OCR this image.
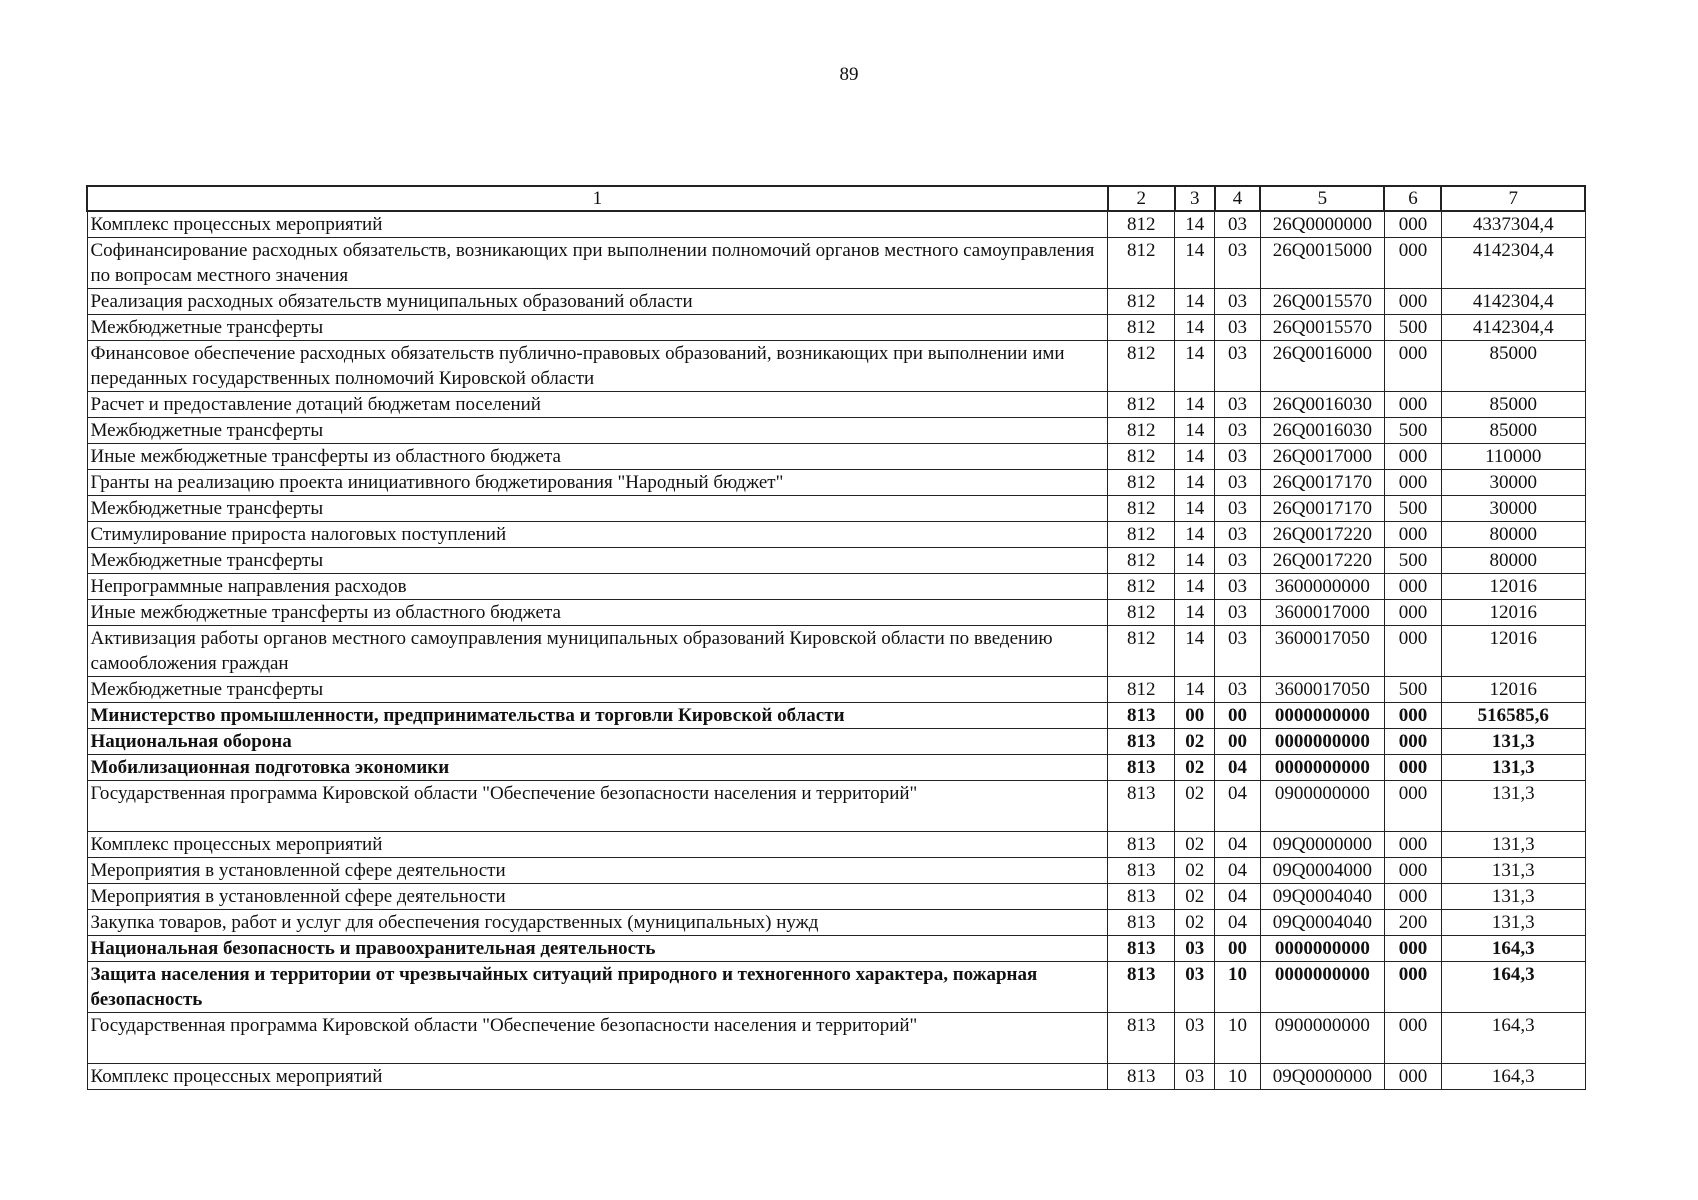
89
1	2	3	4	5	6	7
Комплекс процессных мероприятий	812	14	03	26Q0000000	000	4337304,4
Софинансирование расходных обязательств, возникающих при выполнении полномочий органов местного самоуправления по вопросам местного значения	812	14	03	26Q0015000	000	4142304,4
Реализация расходных обязательств муниципальных образований области	812	14	03	26Q0015570	000	4142304,4
Межбюджетные трансферты	812	14	03	26Q0015570	500	4142304,4
Финансовое обеспечение расходных обязательств публично-правовых образований, возникающих при выполнении ими переданных государственных полномочий Кировской области	812	14	03	26Q0016000	000	85000
Расчет и предоставление дотаций бюджетам поселений	812	14	03	26Q0016030	000	85000
Межбюджетные трансферты	812	14	03	26Q0016030	500	85000
Иные межбюджетные трансферты из областного бюджета	812	14	03	26Q0017000	000	110000
Гранты на реализацию проекта инициативного бюджетирования "Народный бюджет"	812	14	03	26Q0017170	000	30000
Межбюджетные трансферты	812	14	03	26Q0017170	500	30000
Стимулирование прироста налоговых поступлений	812	14	03	26Q0017220	000	80000
Межбюджетные трансферты	812	14	03	26Q0017220	500	80000
Непрограммные направления расходов	812	14	03	3600000000	000	12016
Иные межбюджетные трансферты из областного бюджета	812	14	03	3600017000	000	12016
Активизация работы органов местного самоуправления муниципальных образований Кировской области по введению самообложения граждан	812	14	03	3600017050	000	12016
Межбюджетные трансферты	812	14	03	3600017050	500	12016
Министерство промышленности, предпринимательства и торговли Кировской области	813	00	00	0000000000	000	516585,6
Национальная оборона	813	02	00	0000000000	000	131,3
Мобилизационная подготовка экономики	813	02	04	0000000000	000	131,3
Государственная программа Кировской области "Обеспечение безопасности населения и территорий"	813	02	04	0900000000	000	131,3
Комплекс процессных мероприятий	813	02	04	09Q0000000	000	131,3
Мероприятия в установленной сфере деятельности	813	02	04	09Q0004000	000	131,3
Мероприятия в установленной сфере деятельности	813	02	04	09Q0004040	000	131,3
Закупка товаров, работ и услуг для обеспечения государственных (муниципальных) нужд	813	02	04	09Q0004040	200	131,3
Национальная безопасность и правоохранительная деятельность	813	03	00	0000000000	000	164,3
Защита населения и территории от чрезвычайных ситуаций природного и техногенного характера, пожарная безопасность	813	03	10	0000000000	000	164,3
Государственная программа Кировской области "Обеспечение безопасности населения и территорий"	813	03	10	0900000000	000	164,3
Комплекс процессных мероприятий	813	03	10	09Q0000000	000	164,3
